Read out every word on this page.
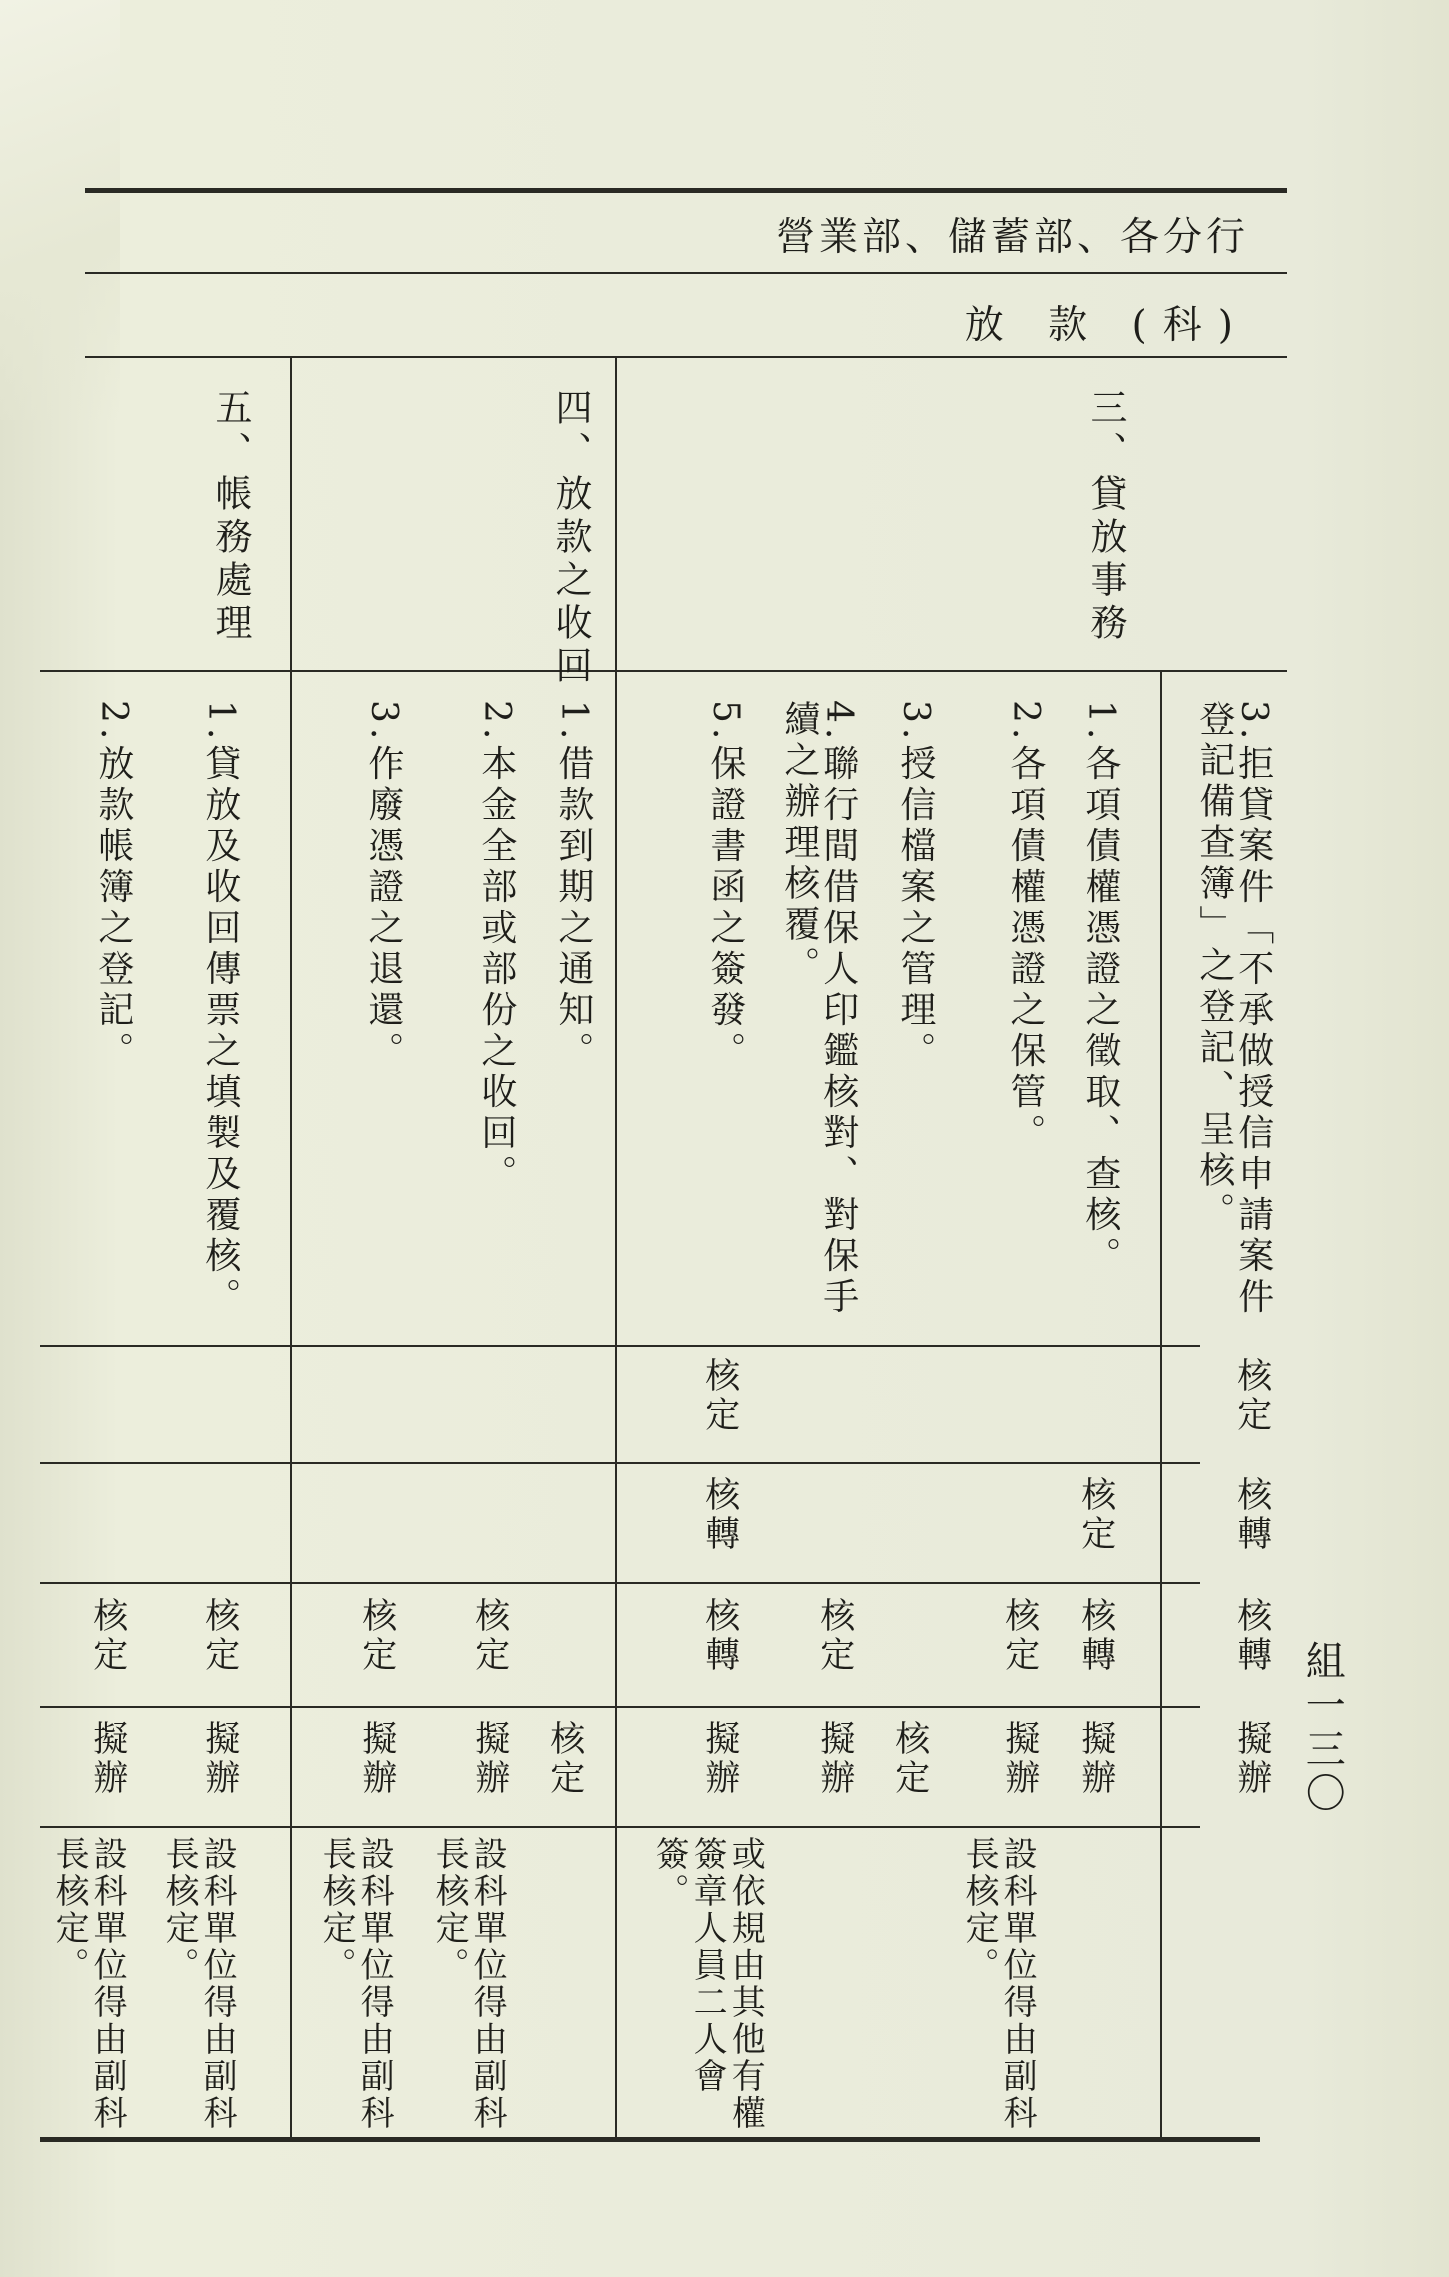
營業部、儲蓄部、各分行
放 款 (科)
三、貸放事務
四、放款之收回
五、帳務處理
3.拒貸案件「不承做授信申請案件登記備查簿」之登記、呈核。
1.各項債權憑證之徵取、查核。
2.各項債權憑證之保管。
3.授信檔案之管理。
4.聯行間借保人印鑑核對、對保手續之辦理核覆。
5.保證書函之簽發。
1.借款到期之通知。
2.本金全部或部份之收回。
3.作廢憑證之退還。
1.貸放及收回傳票之填製及覆核。
2.放款帳簿之登記。
核定
核定
核轉
核定
核轉
核轉
核轉
核定
核定
核轉
核定
核定
核定
核定
擬辦
擬辦
擬辦
核定
擬辦
擬辦
核定
擬辦
擬辦
擬辦
擬辦
設科單位得由副科長核定。
或依規由其他有權簽章人員二人會簽。
設科單位得由副科長核定。
設科單位得由副科長核定。
設科單位得由副科長核定。
設科單位得由副科長核定。
組一三〇
